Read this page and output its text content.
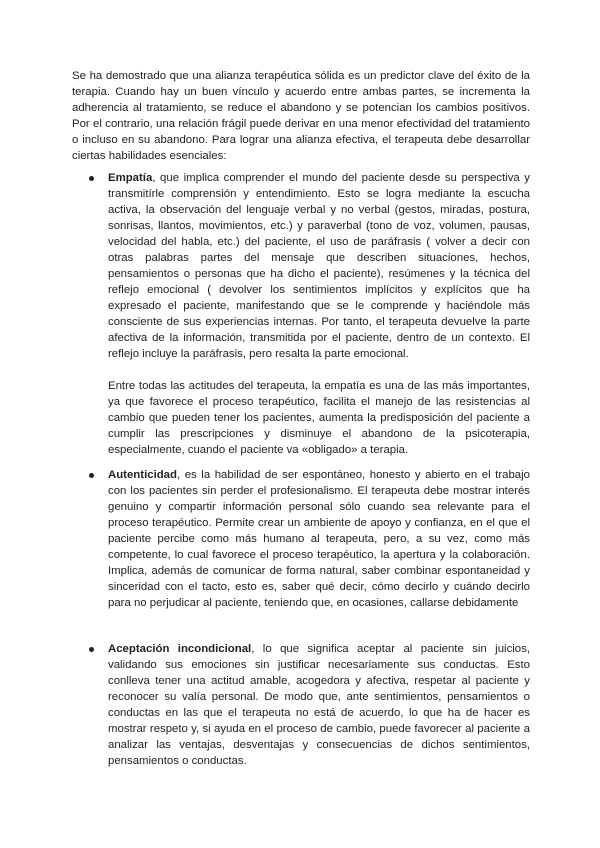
Se ha demostrado que una alianza terapéutica sólida es un predictor clave del éxito de la terapia. Cuando hay un buen vínculo y acuerdo entre ambas partes, se incrementa la adherencia al tratamiento, se reduce el abandono y se potencian los cambios positivos. Por el contrario, una relación frágil puede derivar en una menor efectividad del tratamiento o incluso en su abandono. Para lograr una alianza efectiva, el terapeuta debe desarrollar ciertas habilidades esenciales:

Empatía, que implica comprender el mundo del paciente desde su perspectiva y transmitírle comprensión y entendimiento. Esto se logra mediante la escucha activa, la observación del lenguaje verbal y no verbal (gestos, miradas, postura, sonrisas, llantos, movimientos, etc.) y paraverbal (tono de voz, volumen, pausas, velocidad del habla, etc.) del paciente, el uso de paráfrasis ( volver a decir con otras palabras partes del mensaje que describen situaciones, hechos, pensamientos o personas que ha dicho el paciente), resúmenes y la técnica del reflejo emocional ( devolver los sentimientos implícitos y explícitos que ha expresado el paciente, manifestando que se le comprende y haciéndole más consciente de sus experiencias internas. Por tanto, el terapeuta devuelve la parte afectiva de la información, transmitida por el paciente, dentro de un contexto. El reflejo incluye la paráfrasis, pero resalta la parte emocional.

Entre todas las actitudes del terapeuta, la empatía es una de las más importantes, ya que favorece el proceso terapéutico, facilita el manejo de las resistencias al cambio que pueden tener los pacientes, aumenta la predisposición del paciente a cumplir las prescripciones y disminuye el abandono de la psicoterapia, especialmente, cuando el paciente va «obligado» a terapia.

Autenticidad, es la habilidad de ser espontáneo, honesto y abierto en el trabajo con los pacientes sin perder el profesionalismo. El terapeuta debe mostrar interés genuino y compartir información personal sólo cuando sea relevante para el proceso terapéutico. Permite crear un ambiente de apoyo y confianza, en el que el paciente percibe como más humano al terapeuta, pero, a su vez, como más competente, lo cual favorece el proceso terapéutico, la apertura y la colaboración. Implica, además de comunicar de forma natural, saber combinar espontaneidad y sinceridad con el tacto, esto es, saber qué decir, cómo decirlo y cuándo decirlo para no perjudicar al paciente, teniendo que, en ocasiones, callarse debidamente

Aceptación incondicional, lo que significa aceptar al paciente sin juicios, validando sus emociones sin justificar necesariamente sus conductas. Esto conlleva tener una actitud amable, acogedora y afectiva, respetar al paciente y reconocer su valía personal. De modo que, ante sentimientos, pensamientos o conductas en las que el terapeuta no está de acuerdo, lo que ha de hacer es mostrar respeto y, si ayuda en el proceso de cambio, puede favorecer al paciente a analizar las ventajas, desventajas y consecuencias de dichos sentimientos, pensamientos o conductas.
